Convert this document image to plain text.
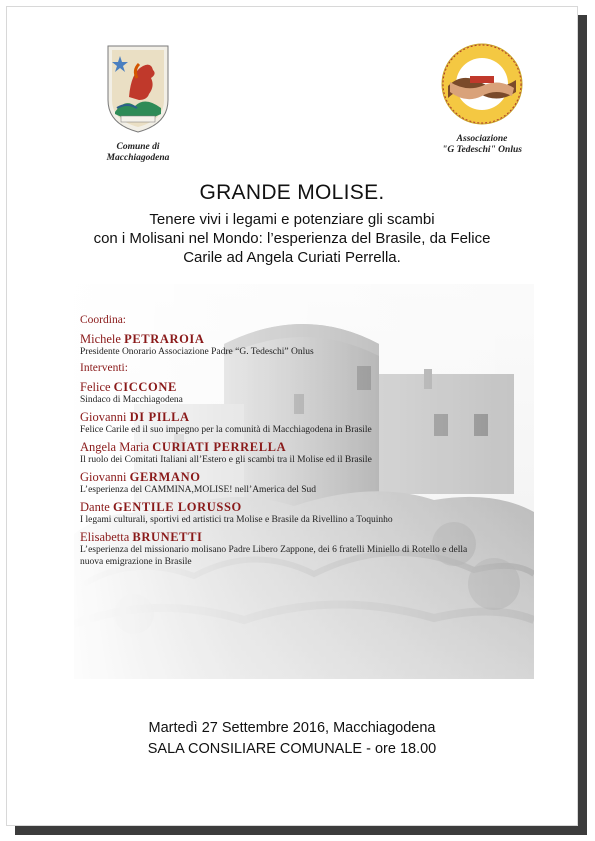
Comune di
Macchiagodena
Associazione
"G Tedeschi" Onlus
GRANDE MOLISE.
Tenere vivi i legami e potenziare gli scambi
con i Molisani nel Mondo: l’esperienza del Brasile, da Felice
Carile ad Angela Curiati Perrella.
Coordina:
Michele PETRAROIA
Presidente Onorario Associazione Padre “G. Tedeschi” Onlus
Interventi:
Felice CICCONE
Sindaco di Macchiagodena
Giovanni DI PILLA
Felice Carile ed il suo impegno per la comunità di Macchiagodena in Brasile
Angela Maria CURIATI PERRELLA
Il ruolo dei Comitati Italiani all’Estero e gli scambi tra il Molise ed il Brasile
Giovanni GERMANO
L’esperienza del CAMMINA,MOLISE! nell’America del Sud
Dante GENTILE LORUSSO
I legami culturali, sportivi ed artistici tra Molise e Brasile da Rivellino a Toquinho
Elisabetta BRUNETTI
L’esperienza del missionario molisano Padre Libero Zappone, dei 6 fratelli Miniello di Rotello e della nuova emigrazione in Brasile
Martedì 27 Settembre 2016, Macchiagodena
SALA CONSILIARE COMUNALE - ore 18.00
